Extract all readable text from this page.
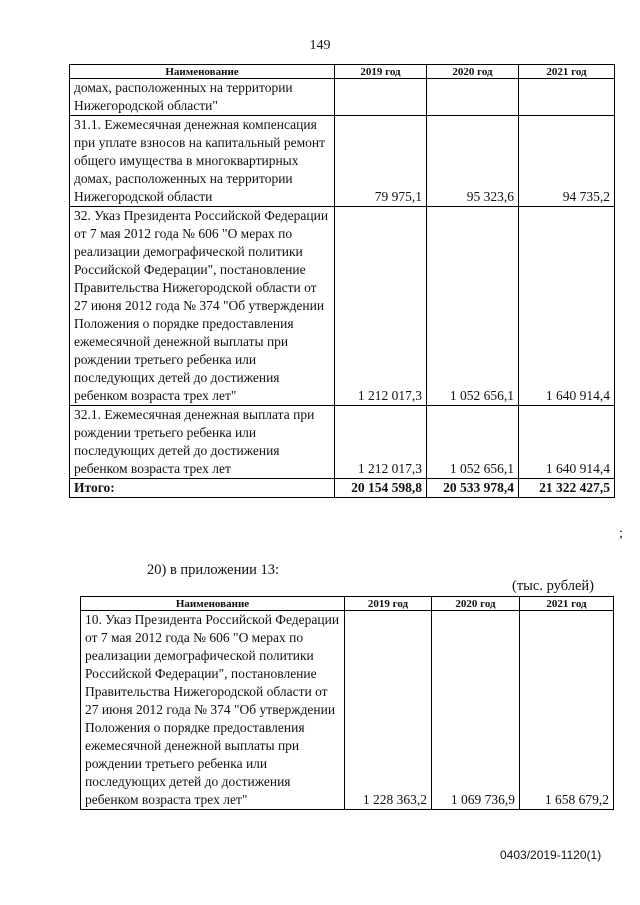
149
Наименование	2019 год	2020 год	2021 год
домах, расположенных на территории Нижегородской области"			
31.1. Ежемесячная денежная компенсация при уплате взносов на капитальный ремонт общего имущества в многоквартирных домах, расположенных на территории Нижегородской области	79 975,1	95 323,6	94 735,2
32. Указ Президента Российской Федерации от 7 мая 2012 года № 606 "О мерах по реализации демографической политики Российской Федерации", постановление Правительства Нижегородской области от 27 июня 2012 года № 374 "Об утверждении Положения о порядке предоставления ежемесячной денежной выплаты при рождении третьего ребенка или последующих детей до достижения ребенком возраста трех лет"	1 212 017,3	1 052 656,1	1 640 914,4
32.1. Ежемесячная денежная выплата при рождении третьего ребенка или последующих детей до достижения ребенком возраста трех лет	1 212 017,3	1 052 656,1	1 640 914,4
Итого:	20 154 598,8	20 533 978,4	21 322 427,5
;
20) в приложении 13:
(тыс. рублей)
Наименование	2019 год	2020 год	2021 год
10. Указ Президента Российской Федерации от 7 мая 2012 года № 606 "О мерах по реализации демографической политики Российской Федерации", постановление Правительства Нижегородской области от 27 июня 2012 года № 374 "Об утверждении Положения о порядке предоставления ежемесячной денежной выплаты при рождении третьего ребенка или последующих детей до достижения ребенком возраста трех лет"	1 228 363,2	1 069 736,9	1 658 679,2
0403/2019-1120(1)
